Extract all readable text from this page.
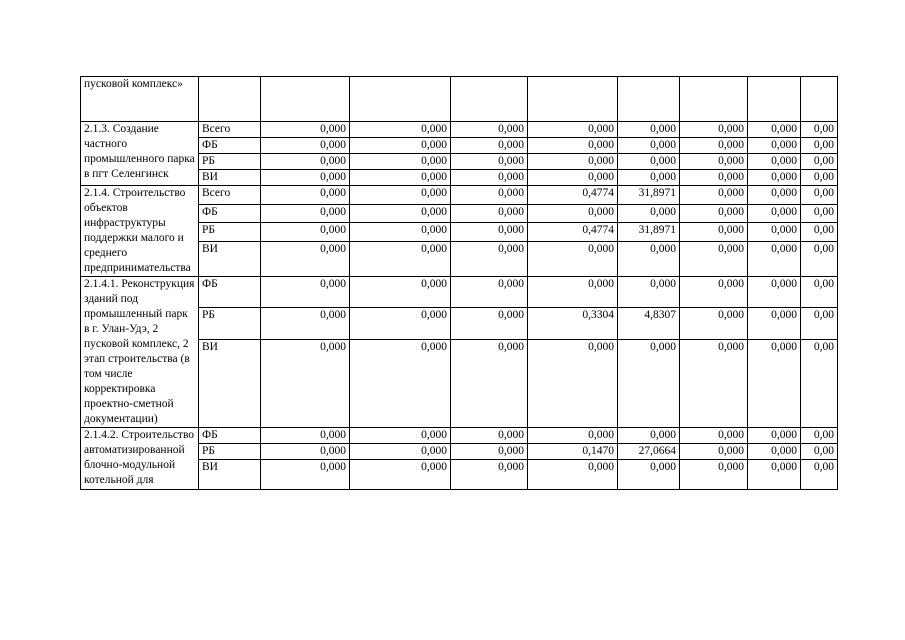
пусковой комплекс»									
2.1.3. Создание частного промышленного парка в пгт Селенгинск	Всего	0,000	0,000	0,000	0,000	0,000	0,000	0,000	0,00
	ФБ	0,000	0,000	0,000	0,000	0,000	0,000	0,000	0,00
	РБ	0,000	0,000	0,000	0,000	0,000	0,000	0,000	0,00
	ВИ	0,000	0,000	0,000	0,000	0,000	0,000	0,000	0,00
2.1.4. Строительство объектов инфраструктуры поддержки малого и среднего предпринимательства	Всего	0,000	0,000	0,000	0,4774	31,8971	0,000	0,000	0,00
	ФБ	0,000	0,000	0,000	0,000	0,000	0,000	0,000	0,00
	РБ	0,000	0,000	0,000	0,4774	31,8971	0,000	0,000	0,00
	ВИ	0,000	0,000	0,000	0,000	0,000	0,000	0,000	0,00
2.1.4.1. Реконструкция зданий под промышленный парк в г. Улан-Удэ, 2 пусковой комплекс, 2 этап строительства (в том числе корректировка проектно-сметной документации)	ФБ	0,000	0,000	0,000	0,000	0,000	0,000	0,000	0,00
	РБ	0,000	0,000	0,000	0,3304	4,8307	0,000	0,000	0,00
	ВИ	0,000	0,000	0,000	0,000	0,000	0,000	0,000	0,00
2.1.4.2. Строительство автоматизированной блочно-модульной котельной для	ФБ	0,000	0,000	0,000	0,000	0,000	0,000	0,000	0,00
	РБ	0,000	0,000	0,000	0,1470	27,0664	0,000	0,000	0,00
	ВИ	0,000	0,000	0,000	0,000	0,000	0,000	0,000	0,00
